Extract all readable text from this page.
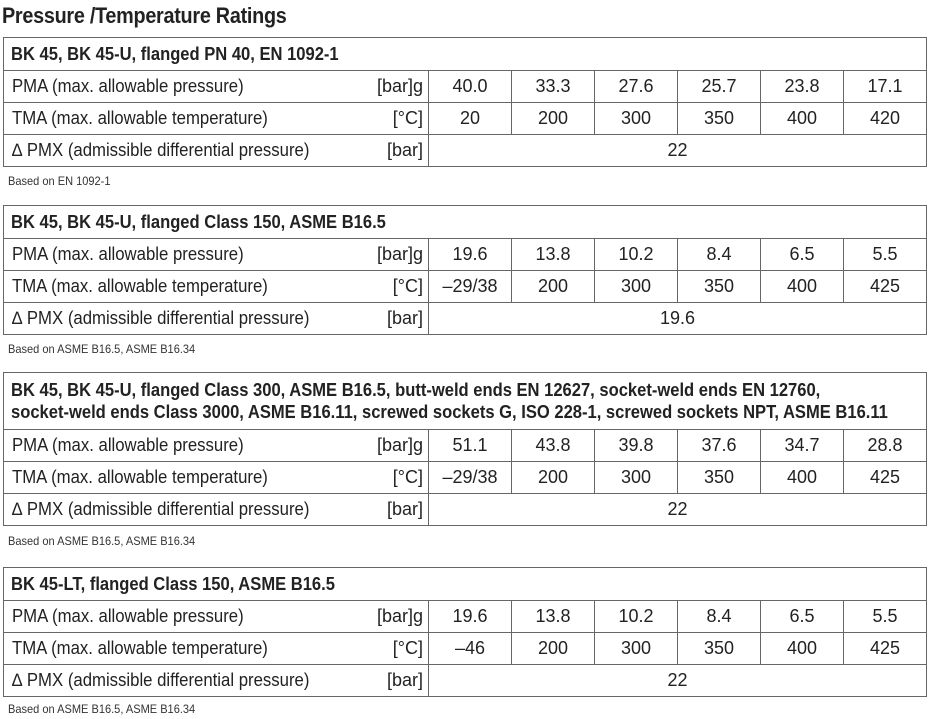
Pressure /Temperature Ratings
BK 45, BK 45-U, flanged PN 40, EN 1092-1							
PMA (max. allowable pressure)	[bar]g	40.0	33.3	27.6	25.7	23.8	17.1
TMA (max. allowable temperature)	[°C]	20	200	300	350	400	420
∆ PMX (admissible differential pressure)	[bar]	22					
Based on EN 1092-1
BK 45, BK 45-U, flanged Class 150, ASME B16.5							
PMA (max. allowable pressure)	[bar]g	19.6	13.8	10.2	8.4	6.5	5.5
TMA (max. allowable temperature)	[°C]	–29/38	200	300	350	400	425
∆ PMX (admissible differential pressure)	[bar]	19.6					
Based on ASME B16.5, ASME B16.34
BK 45, BK 45-U, flanged Class 300, ASME B16.5, butt-weld ends EN 12627, socket-weld ends EN 12760,
socket-weld ends Class 3000, ASME B16.11, screwed sockets G, ISO 228-1, screwed sockets NPT, ASME B16.11							
PMA (max. allowable pressure)	[bar]g	51.1	43.8	39.8	37.6	34.7	28.8
TMA (max. allowable temperature)	[°C]	–29/38	200	300	350	400	425
∆ PMX (admissible differential pressure)	[bar]	22					
Based on ASME B16.5, ASME B16.34
BK 45-LT, flanged Class 150, ASME B16.5							
PMA (max. allowable pressure)	[bar]g	19.6	13.8	10.2	8.4	6.5	5.5
TMA (max. allowable temperature)	[°C]	–46	200	300	350	400	425
∆ PMX (admissible differential pressure)	[bar]	22					
Based on ASME B16.5, ASME B16.34
